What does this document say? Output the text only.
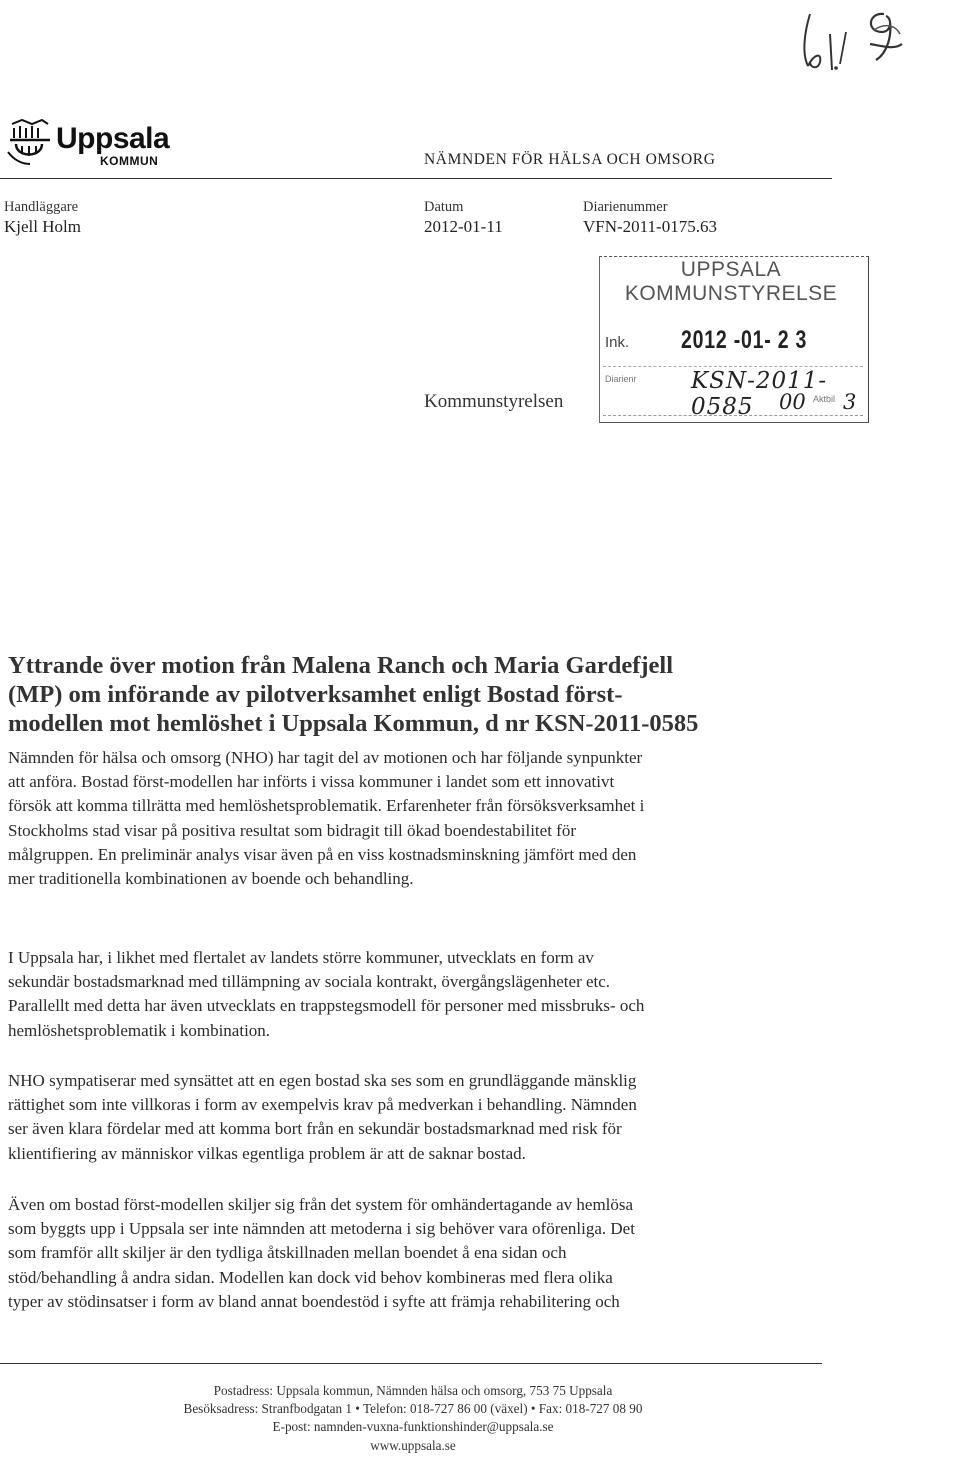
Uppsala
KOMMUN	NÄMNDEN FÖR HÄLSA OCH OMSORG
Handläggare
Kjell Holm
Datum
2012-01-11
Diarienummer
VFN-2011-0175.63
Kommunstyrelsen
UPPSALA KOMMUNSTYRELSE
Ink. 2012 -01- 2 3
Diarienr KSN-2011-0585	00 Aktbil 3
Yttrande över motion från Malena Ranch och Maria Gardefjell
(MP) om införande av pilotverksamhet enligt Bostad först-
modellen mot hemlöshet i Uppsala Kommun, d nr KSN-2011-0585
Nämnden för hälsa och omsorg (NHO) har tagit del av motionen och har följande synpunkter
att anföra. Bostad först-modellen har införts i vissa kommuner i landet som ett innovativt
försök att komma tillrätta med hemlöshetsproblematik. Erfarenheter från försöksverksamhet i
Stockholms stad visar på positiva resultat som bidragit till ökad boendestabilitet för
målgruppen. En preliminär analys visar även på en viss kostnadsminskning jämfört med den
mer traditionella kombinationen av boende och behandling.
I Uppsala har, i likhet med flertalet av landets större kommuner, utvecklats en form av
sekundär bostadsmarknad med tillämpning av sociala kontrakt, övergångslägenheter etc.
Parallellt med detta har även utvecklats en trappstegsmodell för personer med missbruks- och
hemlöshetsproblematik i kombination.
NHO sympatiserar med synsättet att en egen bostad ska ses som en grundläggande mänsklig
rättighet som inte villkoras i form av exempelvis krav på medverkan i behandling. Nämnden
ser även klara fördelar med att komma bort från en sekundär bostadsmarknad med risk för
klientifiering av människor vilkas egentliga problem är att de saknar bostad.
Även om bostad först-modellen skiljer sig från det system för omhändertagande av hemlösa
som byggts upp i Uppsala ser inte nämnden att metoderna i sig behöver vara oförenliga. Det
som framför allt skiljer är den tydliga åtskillnaden mellan boendet å ena sidan och
stöd/behandling å andra sidan. Modellen kan dock vid behov kombineras med flera olika
typer av stödinsatser i form av bland annat boendestöd i syfte att främja rehabilitering och
Postadress: Uppsala kommun, Nämnden hälsa och omsorg, 753 75 Uppsala
Besöksadress: Stranfbodgatan 1 • Telefon: 018-727 86 00 (växel) • Fax: 018-727 08 90
E-post: namnden-vuxna-funktionshinder@uppsala.se
www.uppsala.se
